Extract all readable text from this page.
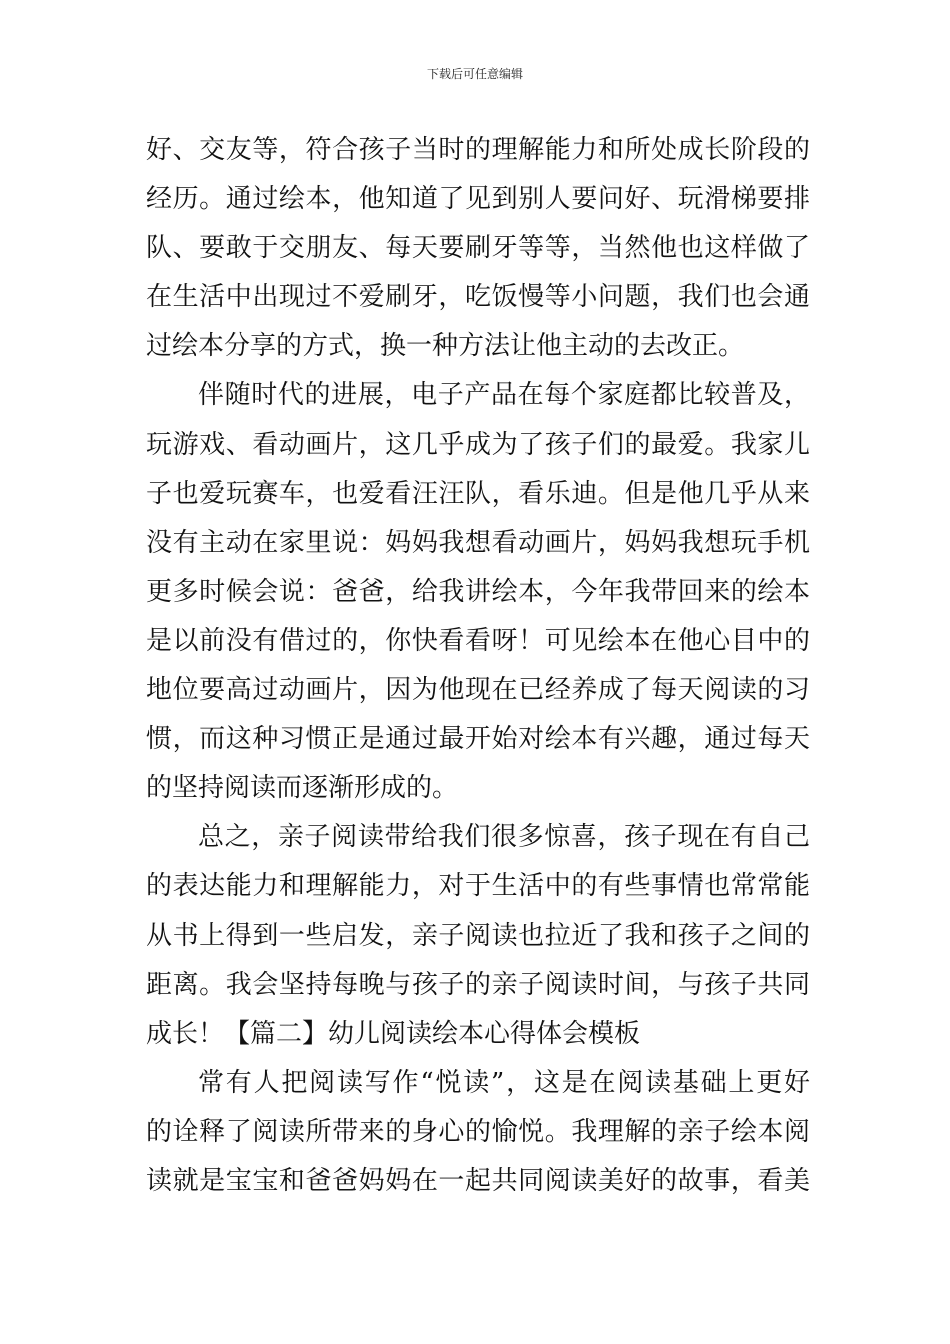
下载后可任意编辑
好、交友等，符合孩子当时的理解能力和所处成长阶段的
经历。通过绘本，他知道了见到别人要问好、玩滑梯要排
队、要敢于交朋友、每天要刷牙等等，当然他也这样做了
在生活中出现过不爱刷牙，吃饭慢等小问题，我们也会通
过绘本分享的方式，换一种方法让他主动的去改正。
伴随时代的进展，电子产品在每个家庭都比较普及，
玩游戏、看动画片，这几乎成为了孩子们的最爱。我家儿
子也爱玩赛车，也爱看汪汪队，看乐迪。但是他几乎从来
没有主动在家里说：妈妈我想看动画片，妈妈我想玩手机
更多时候会说：爸爸，给我讲绘本，今年我带回来的绘本
是以前没有借过的，你快看看呀！可见绘本在他心目中的
地位要高过动画片，因为他现在已经养成了每天阅读的习
惯，而这种习惯正是通过最开始对绘本有兴趣，通过每天
的坚持阅读而逐渐形成的。
总之，亲子阅读带给我们很多惊喜，孩子现在有自己
的表达能力和理解能力，对于生活中的有些事情也常常能
从书上得到一些启发，亲子阅读也拉近了我和孩子之间的
距离。我会坚持每晚与孩子的亲子阅读时间，与孩子共同
成长！【篇二】幼儿阅读绘本心得体会模板
常有人把阅读写作“悦读”，这是在阅读基础上更好
的诠释了阅读所带来的身心的愉悦。我理解的亲子绘本阅
读就是宝宝和爸爸妈妈在一起共同阅读美好的故事，看美
